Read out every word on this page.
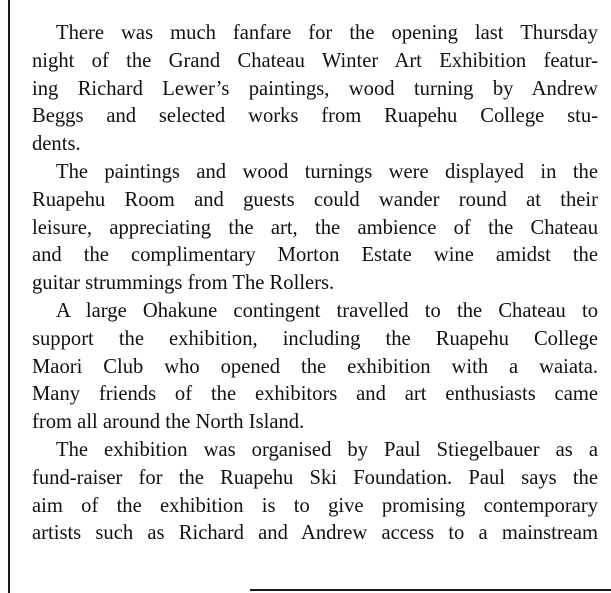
There was much fanfare for the opening last Thursday
night of the Grand Chateau Winter Art Exhibition featur-
ing Richard Lewer’s paintings, wood turning by Andrew
Beggs and selected works from Ruapehu College stu-
dents.

The paintings and wood turnings were displayed in the
Ruapehu Room and guests could wander round at their
leisure, appreciating the art, the ambience of the Chateau
and the complimentary Morton Estate wine amidst the
guitar strummings from The Rollers.

A large Ohakune contingent travelled to the Chateau to
support the exhibition, including the Ruapehu College
Maori Club who opened the exhibition with a waiata.
Many friends of the exhibitors and art enthusiasts came
from all around the North Island.

The exhibition was organised by Paul Stiegelbauer as a
fund-raiser for the Ruapehu Ski Foundation. Paul says the
aim of the exhibition is to give promising contemporary
artists such as Richard and Andrew access to a mainstream
